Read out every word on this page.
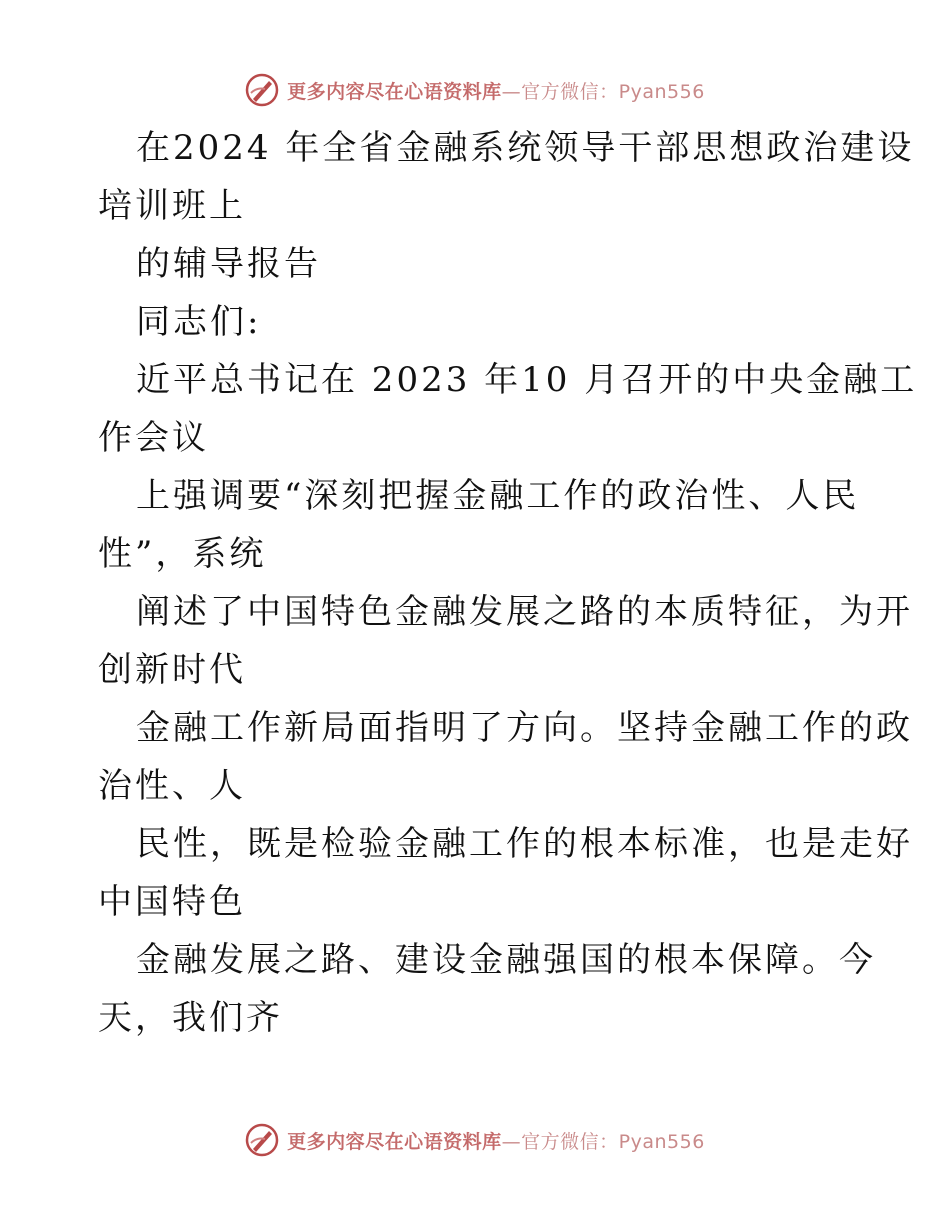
更多内容尽在心语资料库—官方微信：Pyan556
在2024 年全省金融系统领导干部思想政治建设
培训班上
的辅导报告
同志们:
近平总书记在 2023 年10 月召开的中央金融工
作会议
上强调要“深刻把握金融工作的政治性、人民
性”，系统
阐述了中国特色金融发展之路的本质特征，为开
创新时代
金融工作新局面指明了方向。坚持金融工作的政
治性、人
民性，既是检验金融工作的根本标准，也是走好
中国特色
金融发展之路、建设金融强国的根本保障。今
天，我们齐
更多内容尽在心语资料库—官方微信：Pyan556
